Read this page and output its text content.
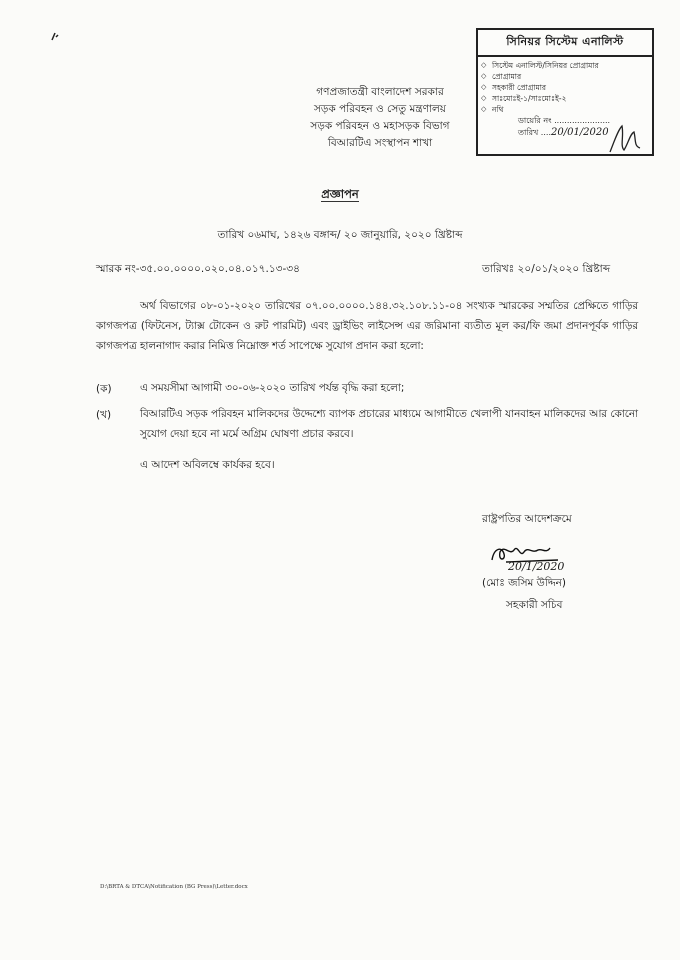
সিনিয়র সিস্টেম এনালিস্ট
◇ সিস্টেম এনালিস্ট/সিনিয়র প্রোগ্রামার
◇ প্রোগ্রামার
◇ সহকারী প্রোগ্রামার
◇ সাঃমোঃই-১/সাঃমোঃই-২
◇ নথি
ডায়েরি নং ......................
তারিখ ....20/01/2020
গণপ্রজাতন্ত্রী বাংলাদেশ সরকার
সড়ক পরিবহন ও সেতু মন্ত্রণালয়
সড়ক পরিবহন ও মহাসড়ক বিভাগ
বিআরটিএ সংস্থাপন শাখা
প্রজ্ঞাপন
তারিখ ০৬মাঘ, ১৪২৬ বঙ্গাব্দ/ ২০ জানুয়ারি, ২০২০ খ্রিষ্টাব্দ
স্মারক নং-৩৫.০০.০০০০.০২০.০৪.০১৭.১৩-৩৪	তারিখঃ ২০/০১/২০২০ খ্রিষ্টাব্দ
অর্থ বিভাগের ০৮-০১-২০২০ তারিখের ০৭.০০.০০০০.১৪৪.৩২.১০৮.১১-০৪ সংখ্যক স্মারকের সম্মতির প্রেক্ষিতে গাড়ির কাগজপত্র (ফিটনেস, ট্যাক্স টোকেন ও রুট পারমিট) এবং ড্রাইভিং লাইসেন্স এর জরিমানা ব্যতীত মূল কর/ফি জমা প্রদানপূর্বক গাড়ির কাগজপত্র হালনাগাদ করার নিমিত্ত নিম্নোক্ত শর্ত সাপেক্ষে সুযোগ প্রদান করা হলো:
(ক)	এ সময়সীমা আগামী ৩০-০৬-২০২০ তারিখ পর্যন্ত বৃদ্ধি করা হলো;
(খ)	বিআরটিএ সড়ক পরিবহন মালিকদের উদ্দেশ্যে ব্যাপক প্রচারের মাধ্যমে আগামীতে খেলাপী যানবাহন মালিকদের আর কোনো সুযোগ দেয়া হবে না মর্মে অগ্রিম ঘোষণা প্রচার করবে।
এ আদেশ অবিলম্বে কার্যকর হবে।
রাষ্ট্রপতির আদেশক্রমে
20/1/2020
(মোঃ জসিম উদ্দিন)
সহকারী সচিব
D:\BRTA & DTCA\Notification (BG Press)\Letter.docx
